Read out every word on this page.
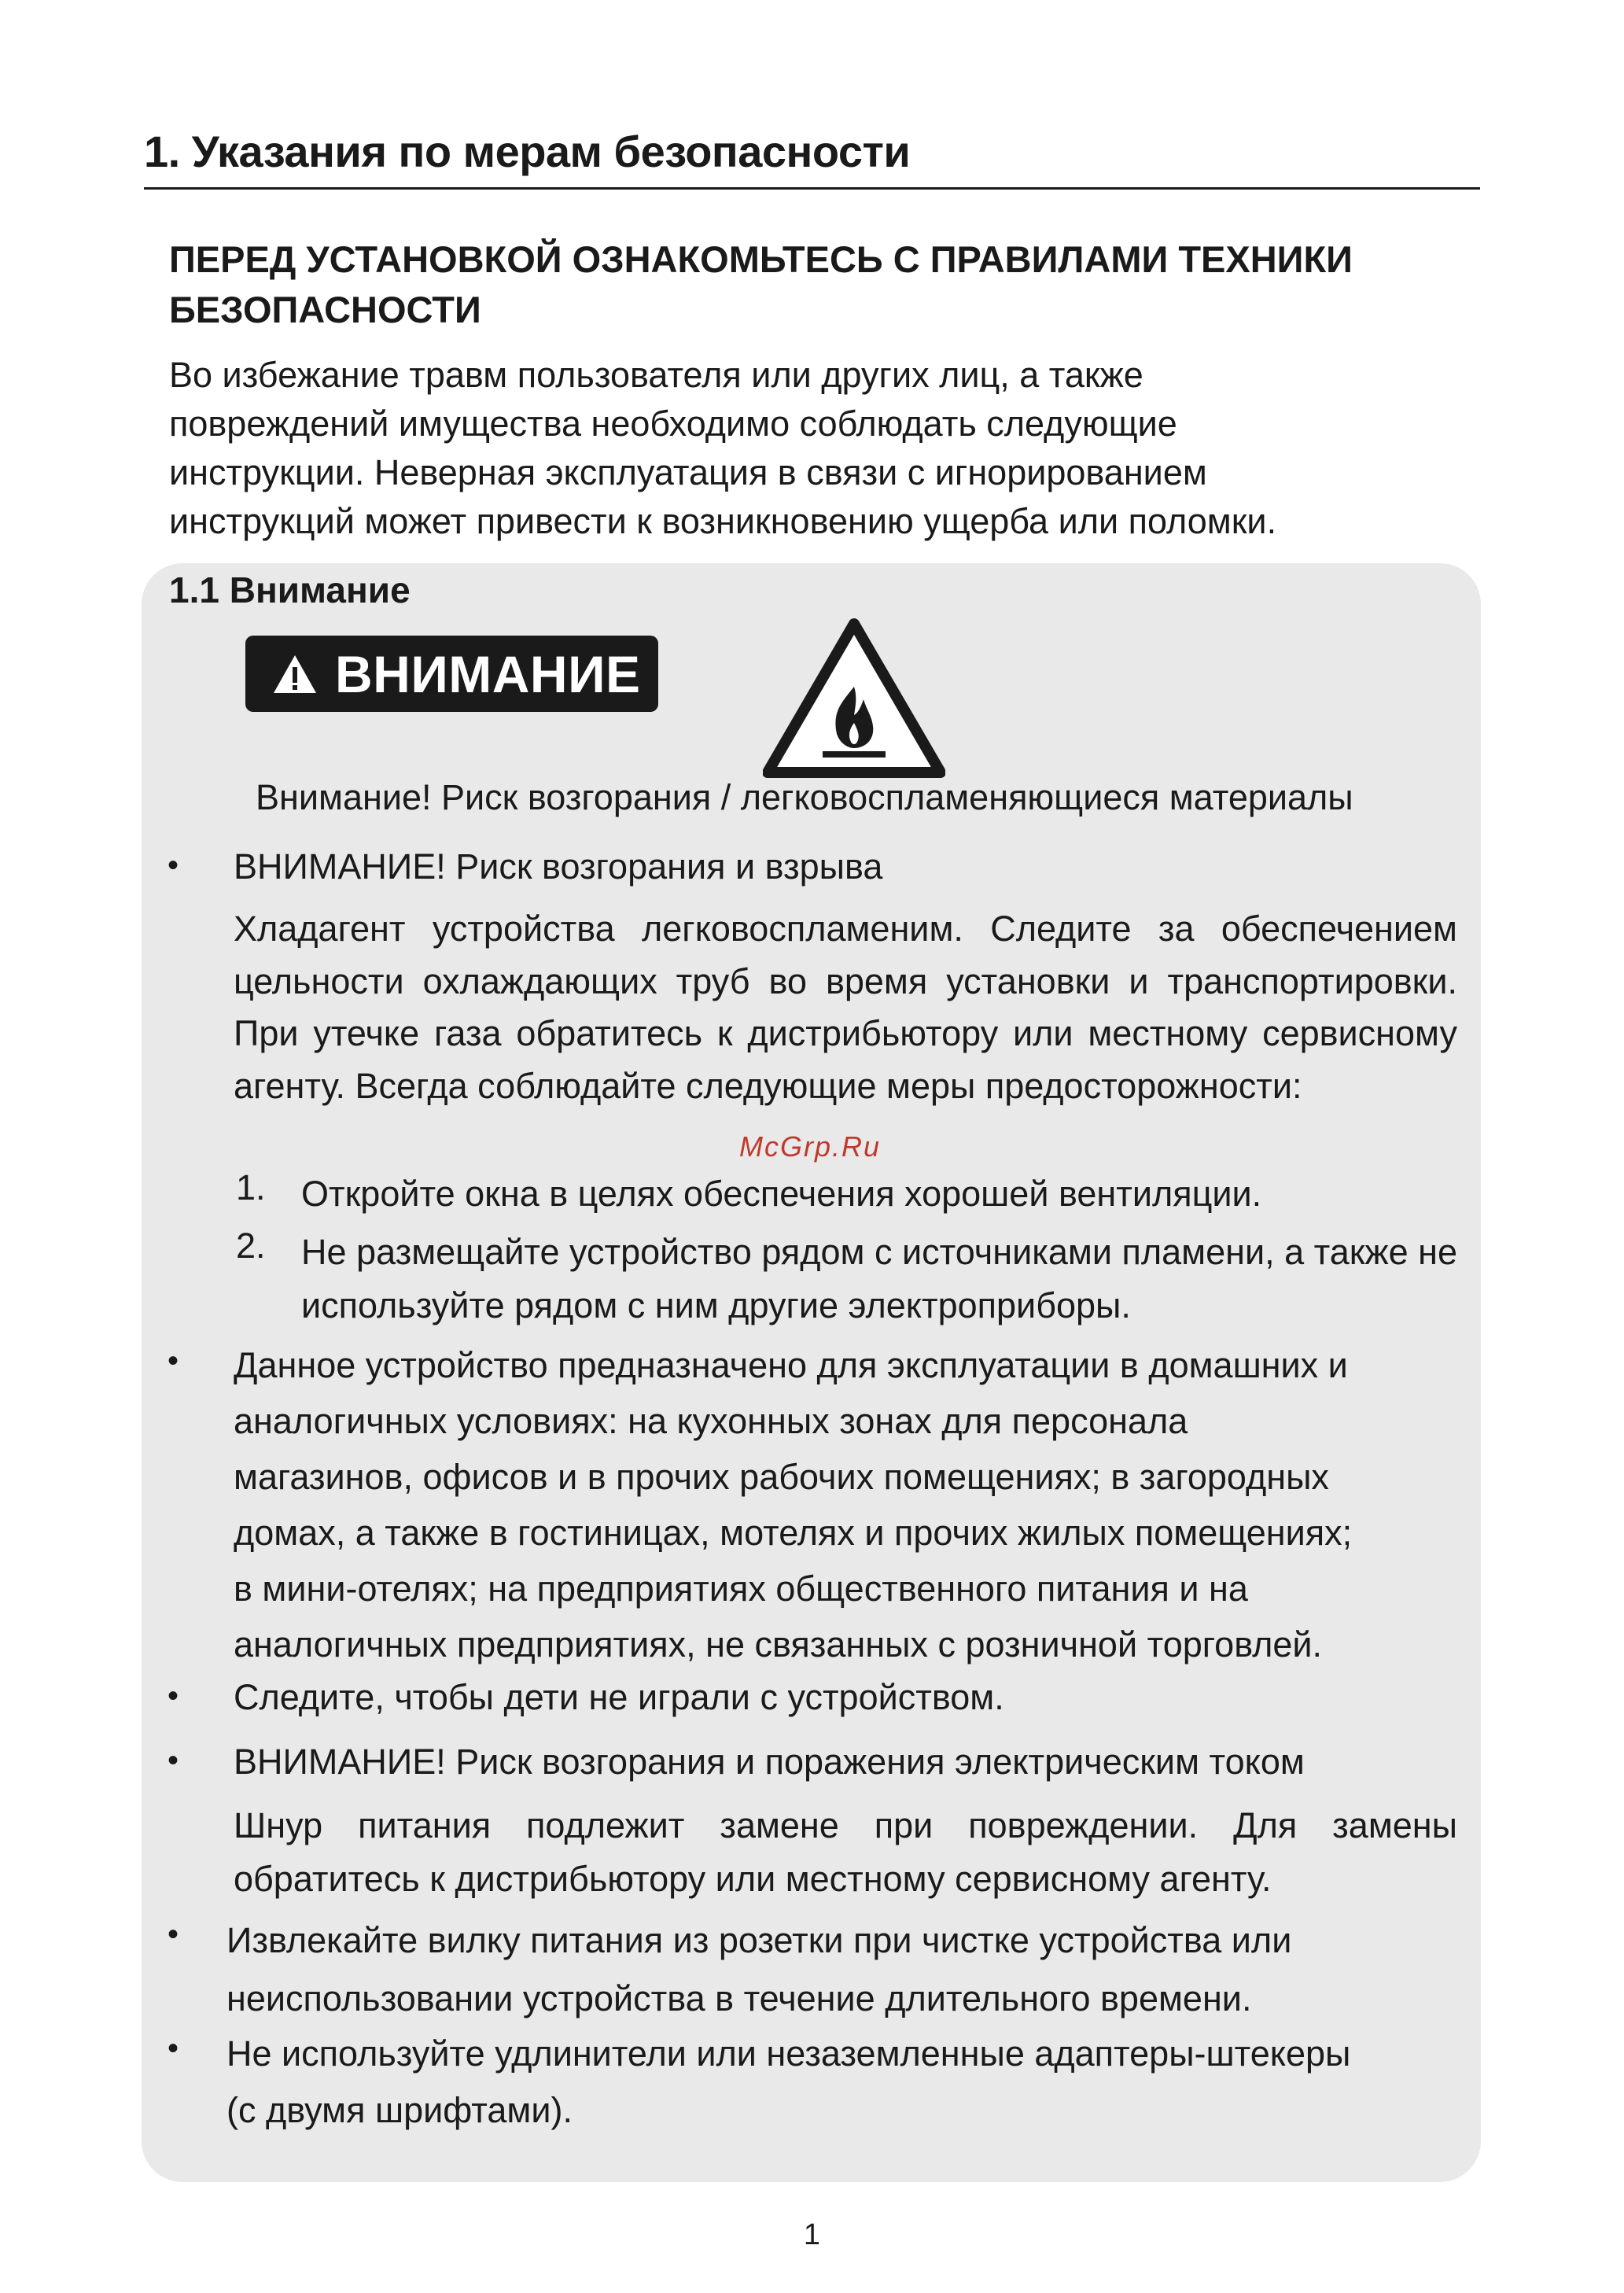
1. Указания по мерам безопасности
ПЕРЕД УСТАНОВКОЙ ОЗНАКОМЬТЕСЬ С ПРАВИЛАМИ ТЕХНИКИ БЕЗОПАСНОСТИ
Во избежание травм пользователя или других лиц, а также
повреждений имущества необходимо соблюдать следующие
инструкции. Неверная эксплуатация в связи с игнорированием
инструкций может привести к возникновению ущерба или поломки.
1.1 Внимание
ВНИМАНИЕ
Внимание! Риск возгорания / легковоспламеняющиеся материалы
• ВНИМАНИЕ! Риск возгорания и взрыва
Хладагент устройства легковоспламеним. Следите за обеспечением цельности охлаждающих труб во время установки и транспортировки. При утечке газа обратитесь к дистрибьютору или местному сервисному агенту. Всегда соблюдайте следующие меры предосторожности:
McGrp.Ru
1. Откройте окна в целях обеспечения хорошей вентиляции.
2. Не размещайте устройство рядом с источниками пламени, а также не используйте рядом с ним другие электроприборы.
• Данное устройство предназначено для эксплуатации в домашних и
аналогичных условиях: на кухонных зонах для персонала
магазинов, офисов и в прочих рабочих помещениях; в загородных
домах, а также в гостиницах, мотелях и прочих жилых помещениях;
в мини-отелях; на предприятиях общественного питания и на
аналогичных предприятиях, не связанных с розничной торговлей.
• Следите, чтобы дети не играли с устройством.
• ВНИМАНИЕ! Риск возгорания и поражения электрическим током
Шнур питания подлежит замене при повреждении. Для замены обратитесь к дистрибьютору или местному сервисному агенту.
• Извлекайте вилку питания из розетки при чистке устройства или
неиспользовании устройства в течение длительного времени.
• Не используйте удлинители или незаземленные адаптеры-штекеры
(с двумя шрифтами).
1
